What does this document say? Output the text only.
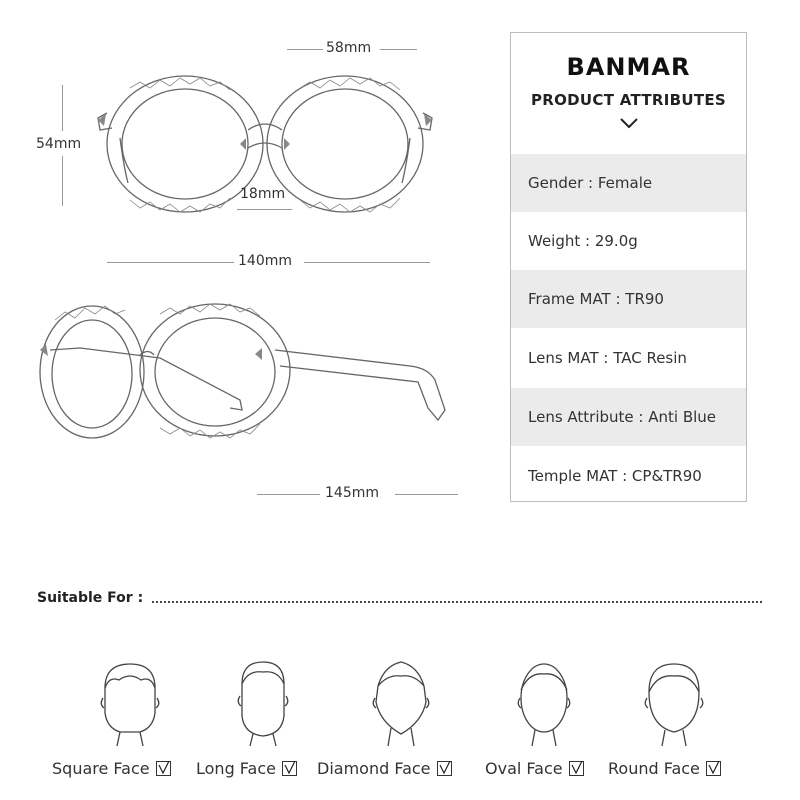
58mm
54mm
18mm
140mm
145mm
BANMAR
PRODUCT ATTRIBUTES
Gender : Female
Weight : 29.0g
Frame MAT : TR90
Lens MAT : TAC Resin
Lens Attribute : Anti Blue
Temple MAT : CP&TR90
Suitable For :
Square Face	Long Face	Diamond Face	Oval Face	Round Face
